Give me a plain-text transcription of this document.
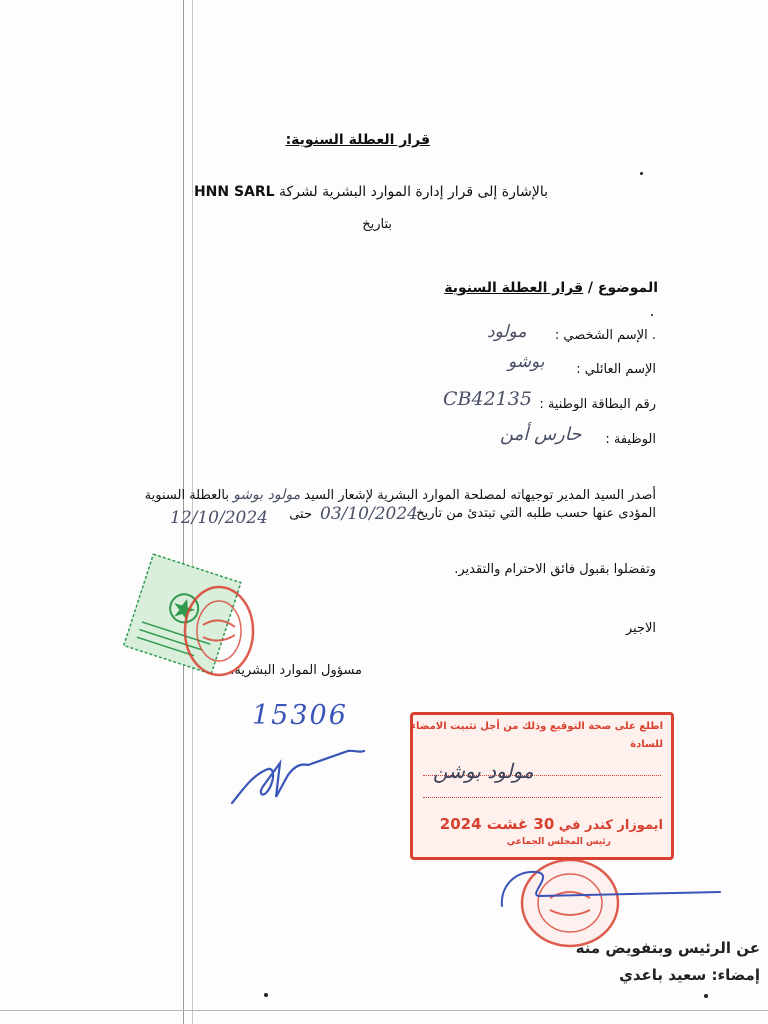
قرار العطلة السنوية:
بالإشارة إلى قرار إدارة الموارد البشرية لشركة HNN SARL
بتاريخ
الموضوع / قرار العطلة السنوية
. الإسم الشخصي :
مولود
الإسم العائلي :
بوشو
رقم البطاقة الوطنية :
CB42135
الوظيفة :
حارس أمن
أصدر السيد المدير توجيهاته لمصلحة الموارد البشرية لإشعار السيد مولود بوشو بالعطلة السنوية
المؤدى عنها حسب طلبه التي تبتدئ من تاريخ
03/10/2024
حتى
12/10/2024
وتفضلوا بقبول فائق الاحترام والتقدير.
الاجير
مسؤول الموارد البشرية.
15306	اطلع على صحة التوقيع وذلك من أجل تثبيت الامضاء
للسادة
مولود بوشن
ايموزار كندر في 30 غشت 2024
رئيس المجلس الجماعي
عن الرئيس وبتفويض منه
إمضاء: سعيد باعدي
